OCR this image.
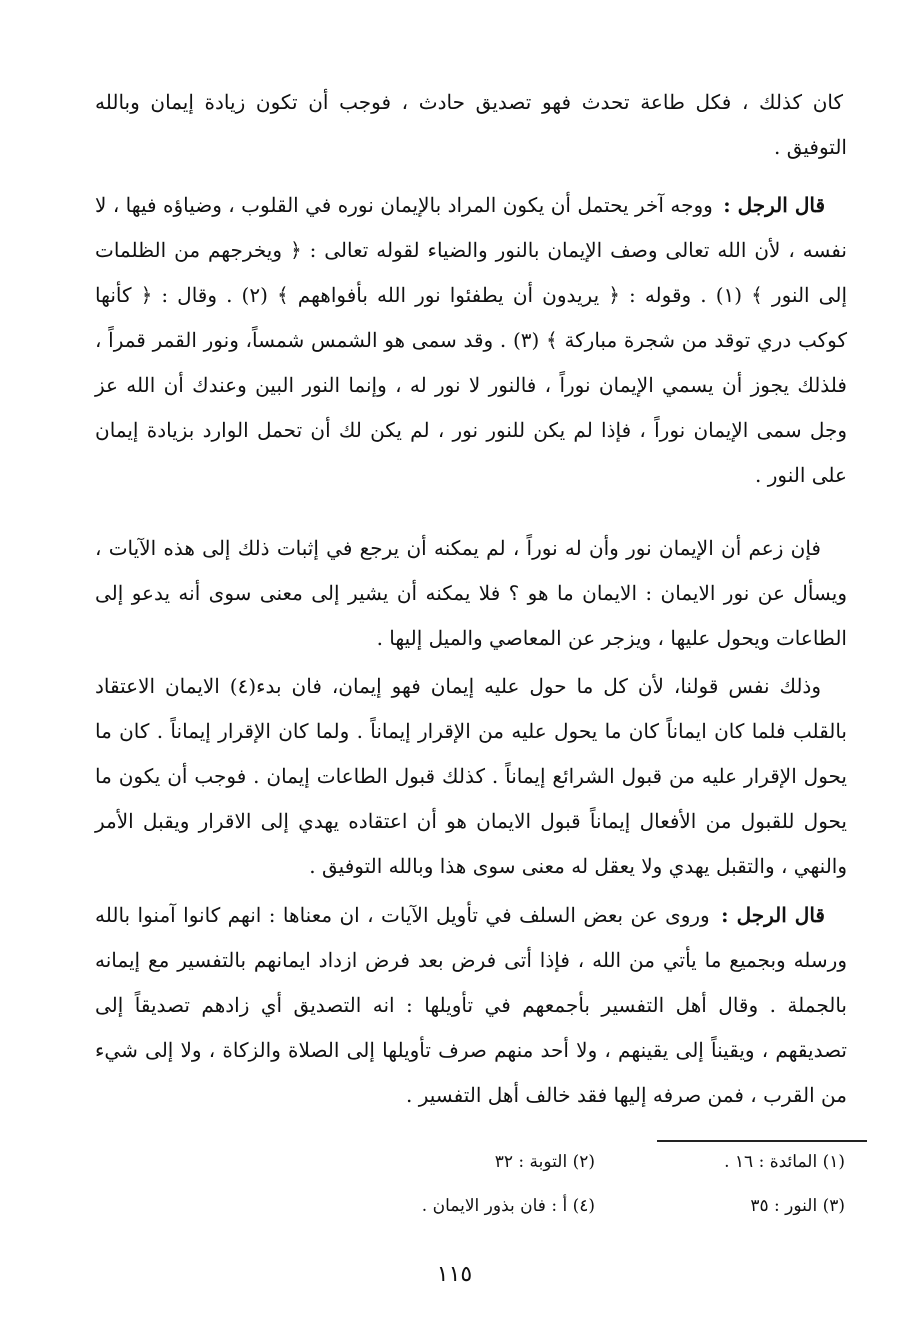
كان كذلك ، فكل طاعة تحدث فهو تصديق حادث ، فوجب أن تكون زيادة إيمان وبالله التوفيق .

قال الرجل : ووجه آخر يحتمل أن يكون المراد بالإيمان نوره في القلوب ، وضياؤه فيها ، لا نفسه ، لأن الله تعالى وصف الإيمان بالنور والضياء لقوله تعالى : ﴿ ويخرجهم من الظلمات إلى النور ﴾ (١) . وقوله : ﴿ يريدون أن يطفئوا نور الله بأفواههم ﴾ (٢) . وقال : ﴿ كأنها كوكب دري توقد من شجرة مباركة ﴾ (٣) . وقد سمى هو الشمس شمساً، ونور القمر قمراً ، فلذلك يجوز أن يسمي الإيمان نوراً ، فالنور لا نور له ، وإنما النور البين وعندك أن الله عز وجل سمى الإيمان نوراً ، فإذا لم يكن للنور نور ، لم يكن لك أن تحمل الوارد بزيادة إيمان على النور .

فإن زعم أن الإيمان نور وأن له نوراً ، لم يمكنه أن يرجع في إثبات ذلك إلى هذه الآيات ، ويسأل عن نور الايمان : الايمان ما هو ؟ فلا يمكنه أن يشير إلى معنى سوى أنه يدعو إلى الطاعات ويحول عليها ، ويزجر عن المعاصي والميل إليها .

وذلك نفس قولنا، لأن كل ما حول عليه إيمان فهو إيمان، فان بدء(٤) الايمان الاعتقاد بالقلب فلما كان ايماناً كان ما يحول عليه من الإقرار إيماناً . ولما كان الإقرار إيماناً . كان ما يحول الإقرار عليه من قبول الشرائع إيماناً . كذلك قبول الطاعات إيمان . فوجب أن يكون ما يحول للقبول من الأفعال إيماناً قبول الايمان هو أن اعتقاده يهدي إلى الاقرار ويقبل الأمر والنهي ، والتقبل يهدي ولا يعقل له معنى سوى هذا وبالله التوفيق .

قال الرجل : وروى عن بعض السلف في تأويل الآيات ، ان معناها : انهم كانوا آمنوا بالله ورسله وبجميع ما يأتي من الله ، فإذا أتى فرض بعد فرض ازداد ايمانهم بالتفسير مع إيمانه بالجملة . وقال أهل التفسير بأجمعهم في تأويلها : انه التصديق أي زادهم تصديقاً إلى تصديقهم ، ويقيناً إلى يقينهم ، ولا أحد منهم صرف تأويلها إلى الصلاة والزكاة ، ولا إلى شيء من القرب ، فمن صرفه إليها فقد خالف أهل التفسير .

(١) المائدة : ١٦ .
(٢) التوبة : ٣٢
(٣) النور : ٣٥
(٤) أ : فان بذور الايمان .
١١٥
